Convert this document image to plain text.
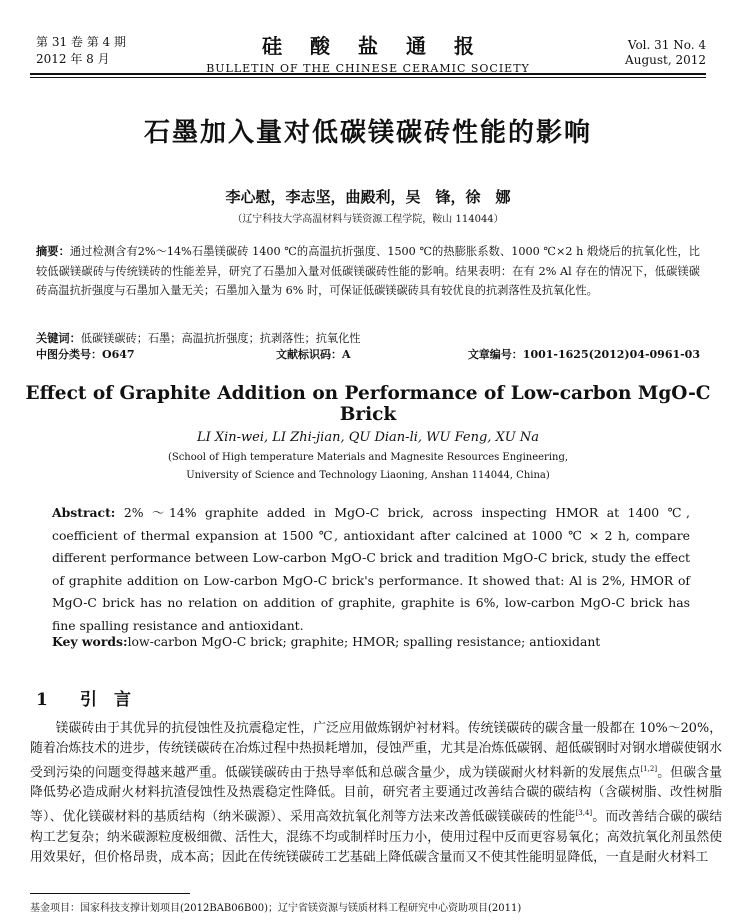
第 31 卷 第 4 期
2012 年 8 月
硅酸盐通报
BULLETIN OF THE CHINESE CERAMIC SOCIETY
Vol. 31 No. 4
August, 2012
石墨加入量对低碳镁碳砖性能的影响
李心慰，李志坚，曲殿利，吴　锋，徐　娜
（辽宁科技大学高温材料与镁资源工程学院，鞍山 114044）
摘要：通过检测含有2%～14%石墨镁碳砖 1400 ℃的高温抗折强度、1500 ℃的热膨胀系数、1000 ℃×2 h 煅烧后的抗氧化性，比较低碳镁碳砖与传统镁砖的性能差异，研究了石墨加入量对低碳镁碳砖性能的影响。结果表明：在有 2% Al 存在的情况下，低碳镁碳砖高温抗折强度与石墨加入量无关；石墨加入量为 6% 时，可保证低碳镁碳砖具有较优良的抗剥落性及抗氧化性。
关键词：低碳镁碳砖；石墨；高温抗折强度；抗剥落性；抗氧化性
中图分类号：O647	文献标识码：A	文章编号：1001-1625(2012)04-0961-03
Effect of Graphite Addition on Performance of Low-carbon MgO-C Brick
LI Xin-wei, LI Zhi-jian, QU Dian-li, WU Feng, XU Na
(School of High temperature Materials and Magnesite Resources Engineering,
University of Science and Technology Liaoning, Anshan 114044, China)
Abstract: 2% ～14% graphite added in MgO-C brick, across inspecting HMOR at 1400 ℃, coefficient of thermal expansion at 1500 ℃, antioxidant after calcined at 1000 ℃ × 2 h, compare different performance between Low-carbon MgO-C brick and tradition MgO-C brick, study the effect of graphite addition on Low-carbon MgO-C brick's performance. It showed that: Al is 2%, HMOR of MgO-C brick has no relation on addition of graphite, graphite is 6%, low-carbon MgO-C brick has fine spalling resistance and antioxidant.
Key words:low-carbon MgO-C brick; graphite; HMOR; spalling resistance; antioxidant
1 引　言
镁碳砖由于其优异的抗侵蚀性及抗震稳定性，广泛应用做炼钢炉衬材料。传统镁碳砖的碳含量一般都在 10%～20%，随着冶炼技术的进步，传统镁碳砖在冶炼过程中热损耗增加，侵蚀严重，尤其是冶炼低碳钢、超低碳钢时对钢水增碳使钢水受到污染的问题变得越来越严重。低碳镁碳砖由于热导率低和总碳含量少，成为镁碳耐火材料新的发展焦点[1,2]。但碳含量降低势必造成耐火材料抗渣侵蚀性及热震稳定性降低。目前，研究者主要通过改善结合碳的碳结构（含碳树脂、改性树脂等）、优化镁碳材料的基质结构（纳米碳源）、采用高效抗氧化剂等方法来改善低碳镁碳砖的性能[3,4]。而改善结合碳的碳结构工艺复杂；纳米碳源粒度极细微、活性大，混练不均或制样时压力小，使用过程中反而更容易氧化；高效抗氧化剂虽然使用效果好，但价格昂贵，成本高；因此在传统镁碳砖工艺基础上降低碳含量而又不使其性能明显降低，一直是耐火材料工
基金项目：国家科技支撑计划项目(2012BAB06B00)；辽宁省镁资源与镁质材料工程研究中心资助项目(2011)
